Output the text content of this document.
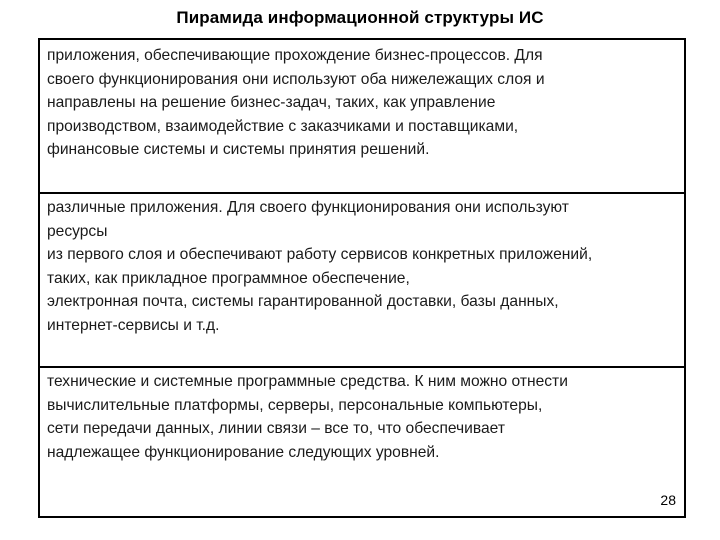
Пирамида информационной структуры ИС

приложения, обеспечивающие прохождение бизнес-процессов. Для

своего функционирования они используют оба нижележащих слоя и

направлены на решение бизнес-задач, таких, как управление

производством, взаимодействие с заказчиками и поставщиками,

финансовые системы и системы принятия решений.

различные приложения. Для своего функционирования они используют

ресурсы

из первого слоя и обеспечивают работу сервисов конкретных приложений,

таких, как прикладное программное обеспечение,

электронная почта, системы гарантированной доставки, базы данных,

интернет-сервисы и т.д.

технические и системные программные средства. К ним можно отнести

вычислительные платформы, серверы, персональные компьютеры,

сети передачи данных, линии связи – все то, что обеспечивает

надлежащее функционирование следующих уровней.

28
